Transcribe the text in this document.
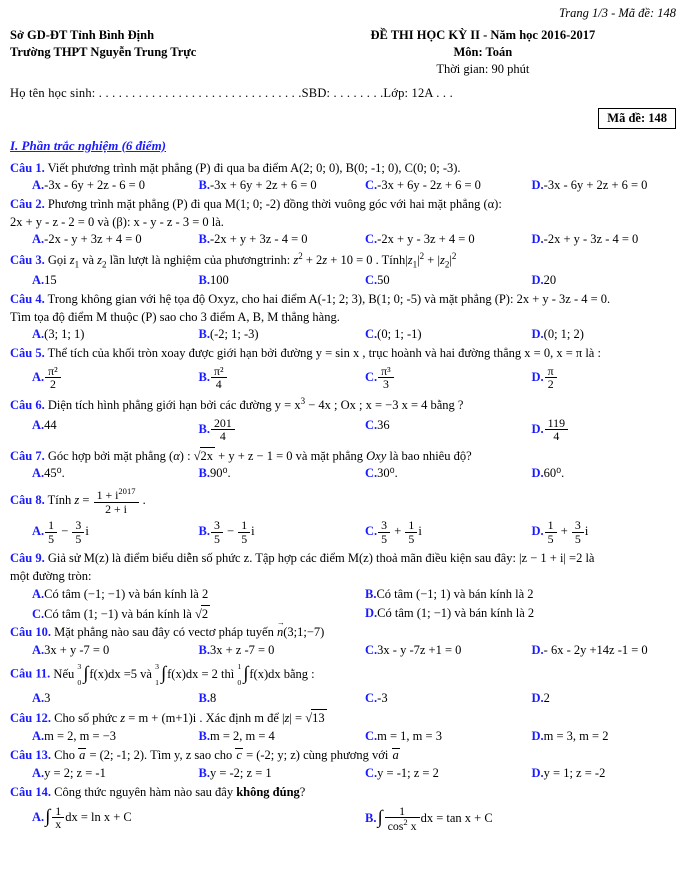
Trang 1/3 - Mã đề: 148
Sở GD-ĐT Tỉnh Bình Định
Trường THPT Nguyễn Trung Trực
ĐỀ THI HỌC KỲ II - Năm học 2016-2017
Môn: Toán
Thời gian: 90 phút
Họ tên học sinh: . . . . . . . . . . . . . . . . . . . . . . . . . . . . . . .SBD: . . . . . . . .Lớp: 12A . . .
Mã đề: 148
I. Phần trắc nghiệm (6 điểm)
Câu 1. Viết phương trình mặt phẳng (P) đi qua ba điểm A(2; 0; 0), B(0; -1; 0), C(0; 0; -3).
A.-3x - 6y + 2z - 6 = 0	B.-3x + 6y + 2z + 6 = 0	C.-3x + 6y - 2z + 6 = 0	D.-3x - 6y + 2z + 6 = 0
Câu 2. Phương trình mặt phẳng (P) đi qua M(1; 0; -2) đồng thời vuông góc với hai mặt phẳng (α):
2x + y - z - 2 = 0 và (β): x - y - z - 3 = 0 là.
A.-2x - y + 3z + 4 = 0	B.-2x + y + 3z - 4 = 0	C.-2x + y - 3z + 4 = 0	D.-2x + y - 3z - 4 = 0
Câu 3. Gọi $z_1$ và $z_2$ lần lượt là nghiệm của phươngtrinh: $z^2 + 2z + 10 = 0$ . $Tính|z_1|^2 + |z_2|^2$
A.15	B.100	C.50	D.20
Câu 4. Trong không gian với hệ tọa độ Oxyz, cho hai điểm A(-1; 2; 3), B(1; 0; -5) và mặt phẳng (P): 2x + y - 3z - 4 = 0.
Tìm tọa độ điểm M thuộc (P) sao cho 3 điểm A, B, M thẳng hàng.
A.(3; 1; 1)	B.(-2; 1; -3)	C.(0; 1; -1)	D.(0; 1; 2)
Câu 5. Thể tích của khối tròn xoay được giới hạn bởi đường y = sin x , trục hoành và hai đường thẳng x = 0, x = π là :
A. $\frac{\text{π²}}{2}$	B. $\frac{\text{π²}}{4}$	C. $\frac{\text{π³}}{3}$	D. $\frac{\pi}{2}$
Câu 6. Diện tích hình phẳng giới hạn bởi các đường $y = x^3 - 4x$ ; Ox ; x = −3 x = 4 bằng ?
A.44	B. $\frac{201}{4}$	C.36	D. $\frac{119}{4}$
Câu 7. Góc hợp bởi mặt phẳng (α) : √2x + y + z − 1 = 0 và mặt phẳng Oxy là bao nhiêu độ?
A.45⁰.	B.90⁰.	C.30⁰.	D.60⁰.
Câu 8. Tính $z = \frac{1 + i^{2017}}{2 + i}$ .
A. $\frac{1}{5} - \frac{3}{5}$ i	B. $\frac{3}{5} - \frac{1}{5}$ i	C. $\frac{3}{5} + \frac{1}{5}$ i	D. $\frac{1}{5} + \frac{3}{5}$ i
Câu 9. Giả sử M(z) là điểm biểu diễn số phức z. Tập hợp các điểm M(z) thoả mãn điều kiện sau đây: |z − 1 + i| =2 là
một đường tròn:
A.Có tâm (−1; −1) và bán kính là 2	B.Có tâm (−1; 1) và bán kính là 2
C.Có tâm (1; −1) và bán kính là √2	D.Có tâm (1; −1) và bán kính là 2
Câu 10. Mặt phẳng nào sau đây có vectơ pháp tuyến n →(3;1;−7)
A.3x + y -7 = 0	B.3x + z -7 = 0	C.3x - y -7z +1 = 0	D.- 6x - 2y +14z -1 = 0
Câu 11. Nếu 3

0 ∫f(x)dx =5 và 3

1 ∫f(x)dx = 2 thì 1

0 ∫f(x)dx bằng :
A.3	B.8	C.-3	D.2
Câu 12. Cho số phức z = m + (m+1)i . Xác định m để |z| = √13
A.m = 2, m = −3	B.m = 2, m = 4	C.m = 1, m = 3	D.m = 3, m = 2
Câu 13. Cho a = (2; -1; 2). Tìm y, z sao cho c = (-2; y; z) cùng phương với a
A.y = 2; z = -1	B.y = -2; z = 1	C.y = -1; z = 2	D.y = 1; z = -2
Câu 14. Công thức nguyên hàm nào sau đây không đúng?
$A.\int \frac{1}{x}$ dx = ln x + C	$B.\int \frac{1}{\cos^2 x}$ dx = tan x + C
